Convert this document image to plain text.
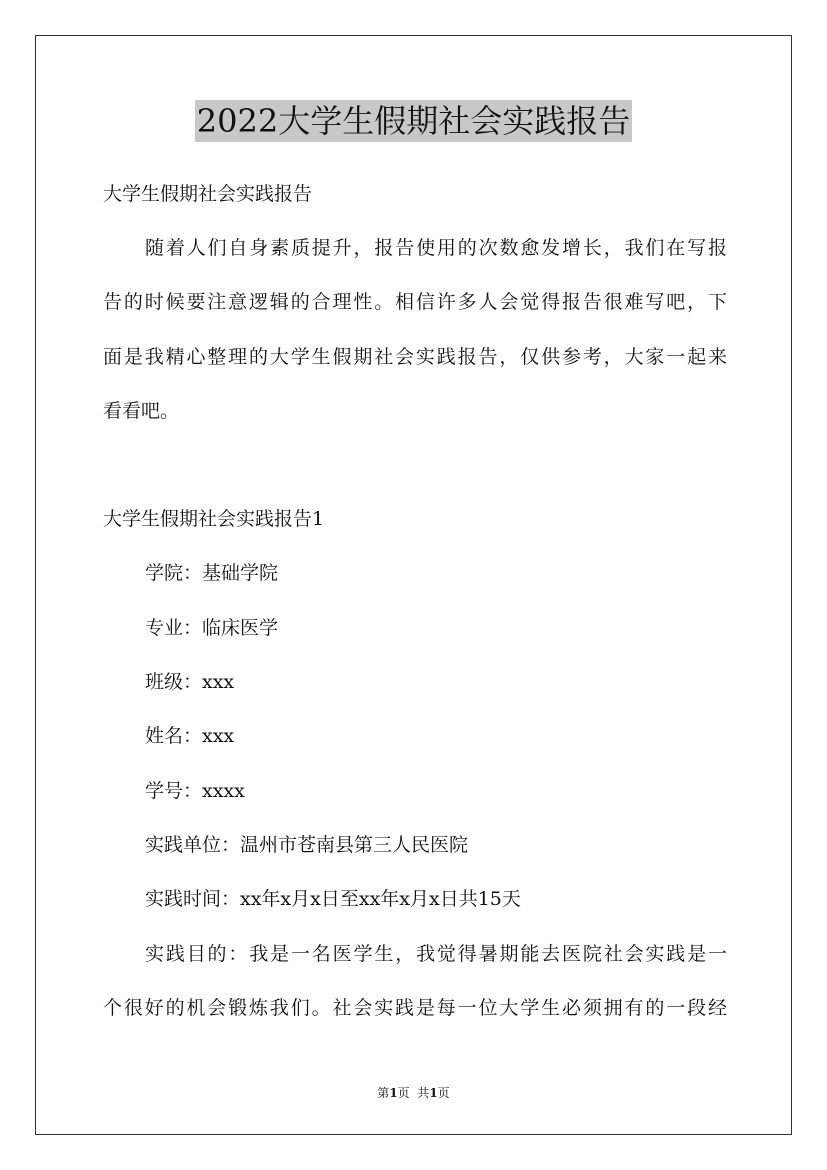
2022大学生假期社会实践报告
大学生假期社会实践报告
随着人们自身素质提升，报告使用的次数愈发增长，我们在写报
告的时候要注意逻辑的合理性。相信许多人会觉得报告很难写吧，下
面是我精心整理的大学生假期社会实践报告，仅供参考，大家一起来
看看吧。
大学生假期社会实践报告1
学院：基础学院
专业：临床医学
班级：xxx
姓名：xxx
学号：xxxx
实践单位：温州市苍南县第三人民医院
实践时间：xx年x月x日至xx年x月x日共15天
实践目的：我是一名医学生，我觉得暑期能去医院社会实践是一
个很好的机会锻炼我们。社会实践是每一位大学生必须拥有的一段经
第1页  共1页
